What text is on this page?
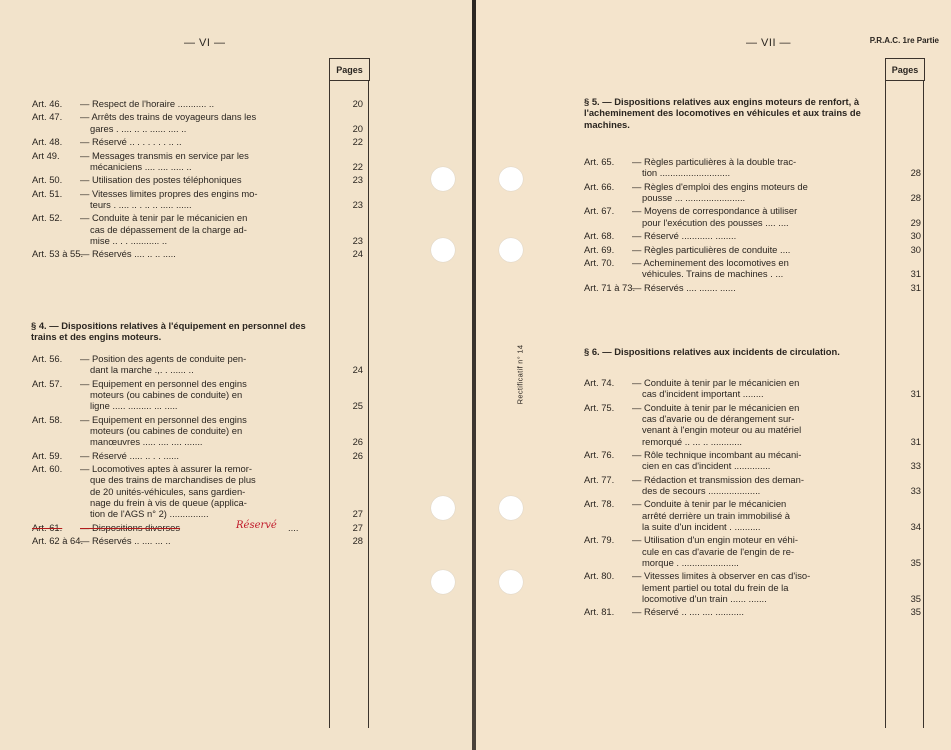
— VI —
Pages
Art. 46. — Respect de l'horaire ........... ..	20
Art. 47. — Arrêts des trains de voyageurs dans les
gares . .... .. .. ...... .... ..	20
Art. 48. — Réservé .. . . . . . . .. ..	22
Art 49. — Messages transmis en service par les
mécaniciens .... .... ..... ..	22
Art. 50. — Utilisation des postes téléphoniques	23
Art. 51. — Vitesses limites propres des engins mo-
teurs . .... .. . .. .. ..... ......	23
Art. 52. — Conduite à tenir par le mécanicien en
cas de dépassement de la charge ad-
mise .. . . ........... ..	23
Art. 53 à 55.
— Réservés .... .. .. .....	24
§ 4. — Dispositions relatives à l'équipement en personnel des trains et des engins moteurs.
Art. 56. — Position des agents de conduite pen-
dant la marche .,. . ...... ..	24
Art. 57. — Equipement en personnel des engins
moteurs (ou cabines de conduite) en
ligne ..... ......... ... .....	25
Art. 58. — Equipement en personnel des engins
moteurs (ou cabines de conduite) en
manœuvres ..... .... .... .......	26
Art. 59. — Réservé ..... .. . . ......	26
Art. 60. — Locomotives aptes à assurer la remor-
que des trains de marchandises de plus
de 20 unités-véhicules, sans gardien-
nage du frein à vis de queue (applica-
tion de l'AGS n° 2) ...............	27
Art. 61. — Dispositions diverses	Réservé ....	27
Art. 62 à 64.
— Réservés .. .... ... ..	28
— VII —	P.R.A.C. 1re Partie
Pages
Rectificatif n° 14
§ 5. — Dispositions relatives aux engins moteurs de renfort, à l'acheminement des locomotives en véhicules et aux trains de machines.
Art. 65. — Règles particulières à la double trac-
tion ...........................	28
Art. 66. — Règles d'emploi des engins moteurs de
pousse ... .......................	28
Art. 67. — Moyens de correspondance à utiliser
pour l'exécution des pousses .... ....	29
Art. 68. — Réservé ............ ........	30
Art. 69. — Règles particulières de conduite ....	30
Art. 70. — Acheminement des locomotives en
véhicules. Trains de machines . ...	31
Art. 71 à 73.
— Réservés .... ....... ......	31
§ 6. — Dispositions relatives aux incidents de circulation.
Art. 74. — Conduite à tenir par le mécanicien en
cas d'incident important ........	31
Art. 75. — Conduite à tenir par le mécanicien en
cas d'avarie ou de dérangement sur-
venant à l'engin moteur ou au matériel
remorqué .. ... .. ............	31
Art. 76. — Rôle technique incombant au mécani-
cien en cas d'incident ..............	33
Art. 77. — Rédaction et transmission des deman-
des de secours ....................	33
Art. 78. — Conduite à tenir par le mécanicien
arrêté derrière un train immobilisé à
la suite d'un incident . ..........	34
Art. 79. — Utilisation d'un engin moteur en véhi-
cule en cas d'avarie de l'engin de re-
morque . ......................	35
Art. 80. — Vitesses limites à observer en cas d'iso-
lement partiel ou total du frein de la
locomotive d'un train ...... .......	35
Art. 81. — Réservé .. .... .... ...........	35
